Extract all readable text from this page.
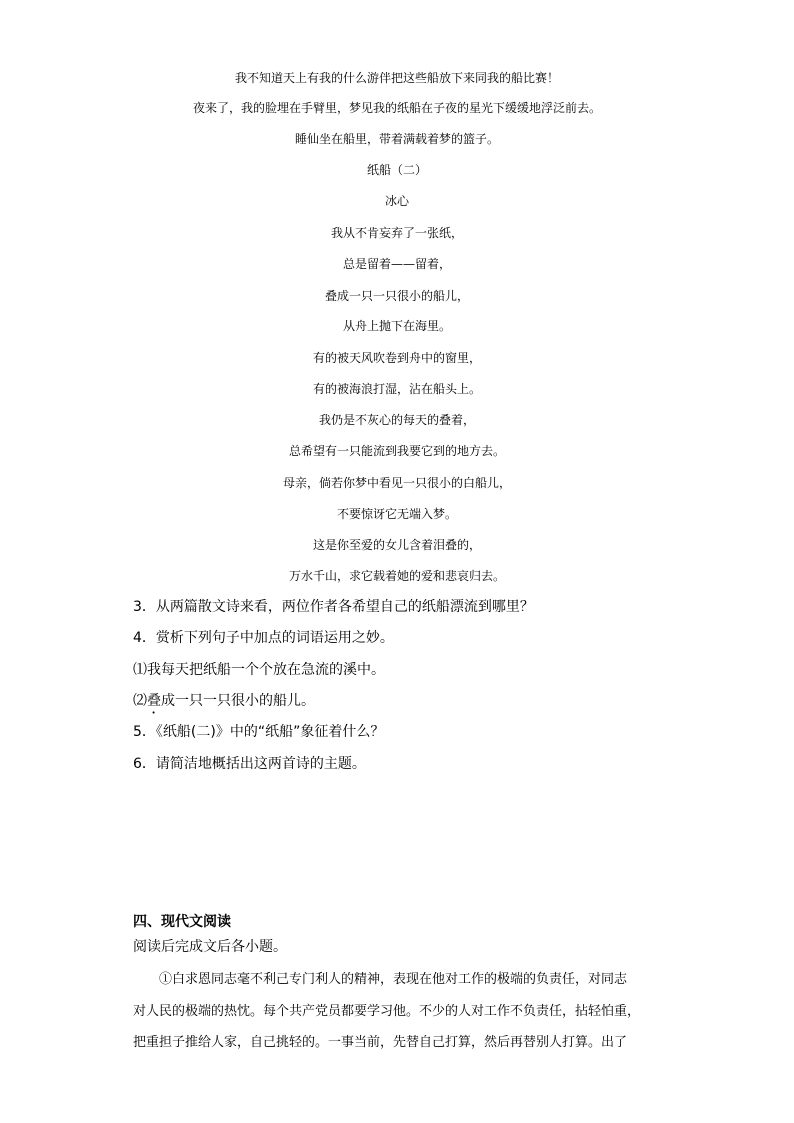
我不知道天上有我的什么游伴把这些船放下来同我的船比赛！
夜来了，我的脸埋在手臂里，梦见我的纸船在子夜的星光下缓缓地浮泛前去。
睡仙坐在船里，带着满载着梦的篮子。
纸船（二）
冰心
我从不肯妄弃了一张纸，
总是留着——留着，
叠成一只一只很小的船儿，
从舟上抛下在海里。
有的被天风吹卷到舟中的窗里，
有的被海浪打湿，沾在船头上。
我仍是不灰心的每天的叠着，
总希望有一只能流到我要它到的地方去。
母亲，倘若你梦中看见一只很小的白船儿，
不要惊讶它无端入梦。
这是你至爱的女儿含着泪叠的，
万水千山，求它载着她的爱和悲哀归去。
3．从两篇散文诗来看，两位作者各希望自己的纸船漂流到哪里？
4．赏析下列句子中加点的词语运用之妙。
⑴我每天把纸船一个个放在急流的溪中。
⑵叠成一只一只很小的船儿。
5．《纸船(二)》中的“纸船”象征着什么？
6．请简洁地概括出这两首诗的主题。
四、现代文阅读
阅读后完成文后各小题。
①白求恩同志毫不利己专门利人的精神，表现在他对工作的极端的负责任，对同志
对人民的极端的热忱。每个共产党员都要学习他。不少的人对工作不负责任，拈轻怕重，
把重担子推给人家，自己挑轻的。一事当前，先替自己打算，然后再替别人打算。出了
